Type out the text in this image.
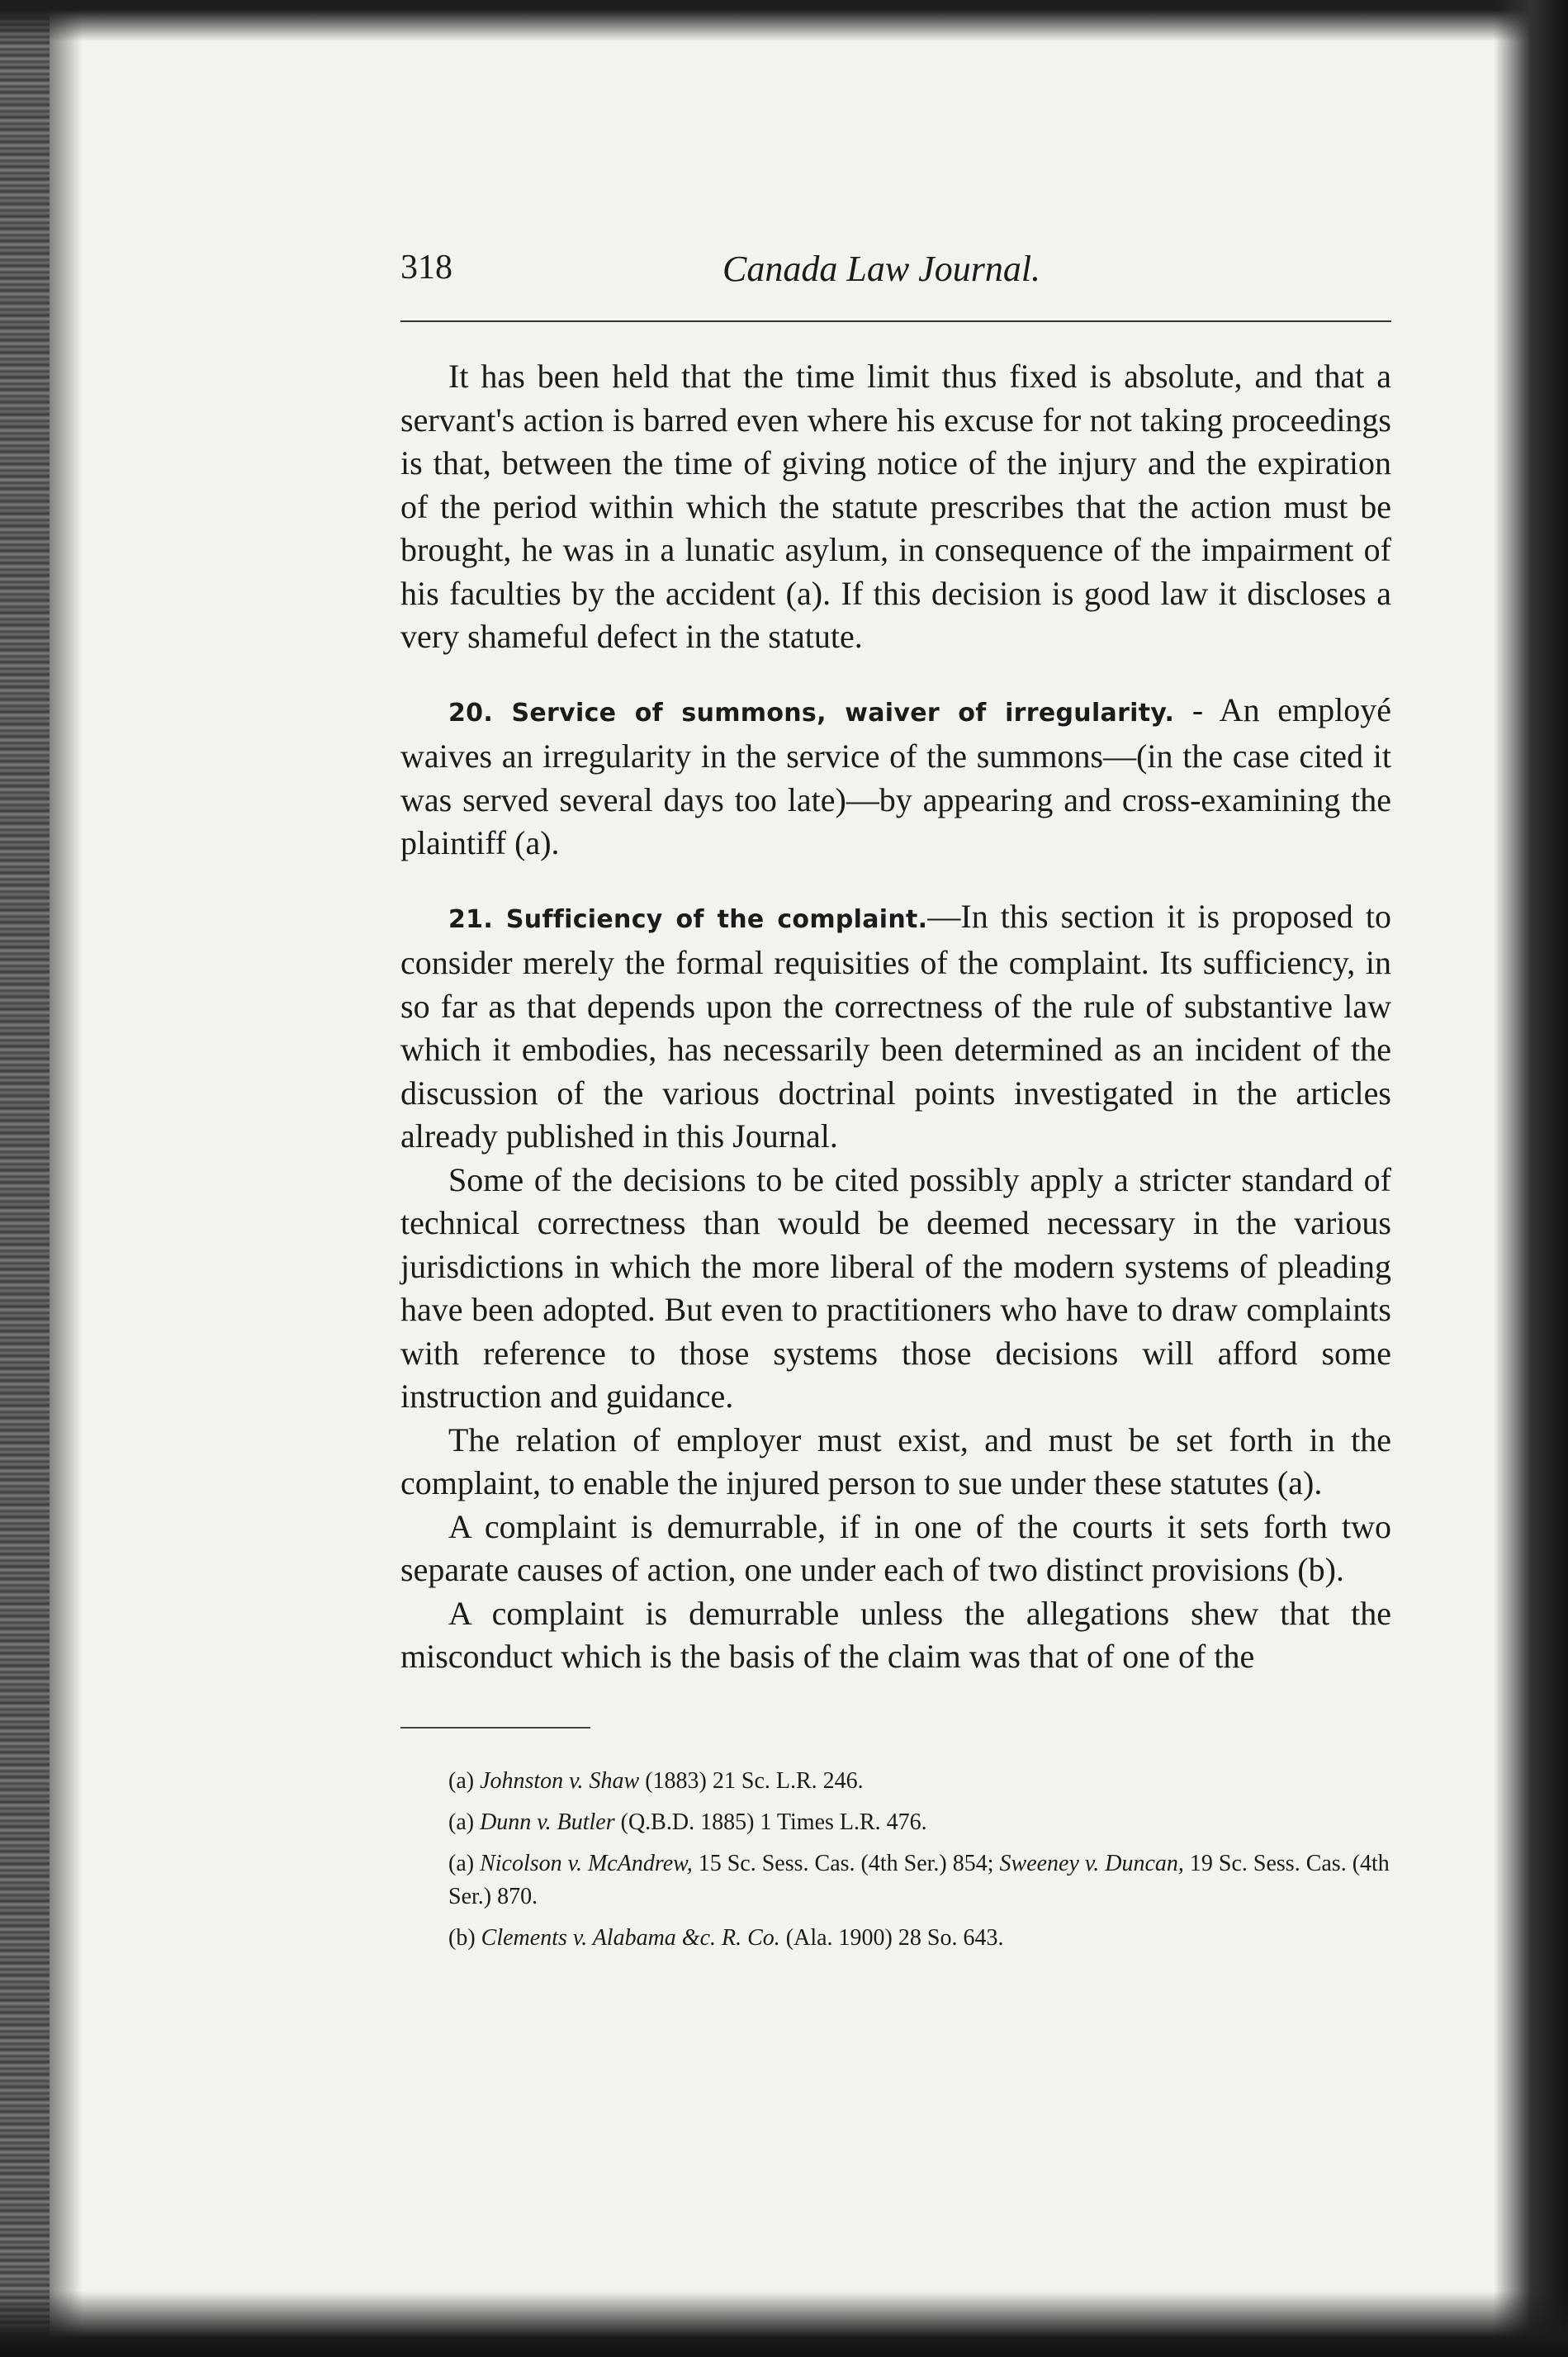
318	Canada Law Journal.

It has been held that the time limit thus fixed is absolute, and that a servant's action is barred even where his excuse for not taking proceedings is that, between the time of giving notice of the injury and the expiration of the period within which the statute prescribes that the action must be brought, he was in a lunatic asylum, in consequence of the impairment of his faculties by the accident (a). If this decision is good law it discloses a very shameful defect in the statute.

20. Service of summons, waiver of irregularity. - An employé waives an irregularity in the service of the summons—(in the case cited it was served several days too late)—by appearing and cross-examining the plaintiff (a).

21. Sufficiency of the complaint.—In this section it is proposed to consider merely the formal requisities of the complaint. Its sufficiency, in so far as that depends upon the correctness of the rule of substantive law which it embodies, has necessarily been determined as an incident of the discussion of the various doctrinal points investigated in the articles already published in this Journal.

Some of the decisions to be cited possibly apply a stricter standard of technical correctness than would be deemed necessary in the various jurisdictions in which the more liberal of the modern systems of pleading have been adopted. But even to practitioners who have to draw complaints with reference to those systems those decisions will afford some instruction and guidance.

The relation of employer must exist, and must be set forth in the complaint, to enable the injured person to sue under these statutes (a).

A complaint is demurrable, if in one of the courts it sets forth two separate causes of action, one under each of two distinct provisions (b).

A complaint is demurrable unless the allegations shew that the misconduct which is the basis of the claim was that of one of the

(a) Johnston v. Shaw (1883) 21 Sc. L.R. 246.

(a) Dunn v. Butler (Q.B.D. 1885) 1 Times L.R. 476.

(a) Nicolson v. McAndrew, 15 Sc. Sess. Cas. (4th Ser.) 854; Sweeney v. Duncan, 19 Sc. Sess. Cas. (4th Ser.) 870.

(b) Clements v. Alabama &c. R. Co. (Ala. 1900) 28 So. 643.
